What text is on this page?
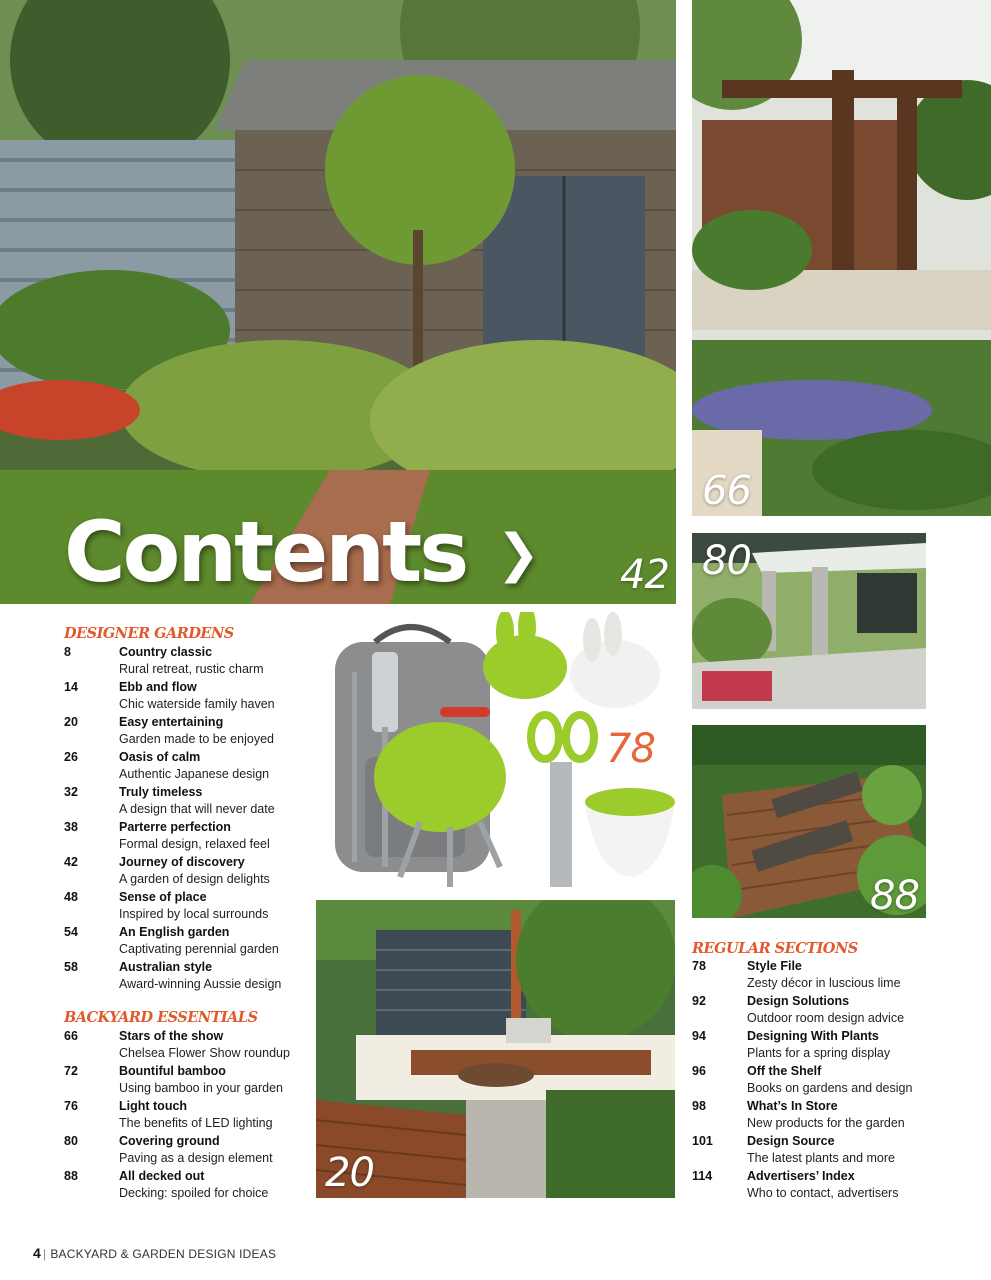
42
Contents ❯
66
80
88
78
20
DESIGNER GARDENS
8	Country classic
Rural retreat, rustic charm
14	Ebb and flow
Chic waterside family haven
20	Easy entertaining
Garden made to be enjoyed
26	Oasis of calm
Authentic Japanese design
32	Truly timeless
A design that will never date
38	Parterre perfection
Formal design, relaxed feel
42	Journey of discovery
A garden of design delights
48	Sense of place
Inspired by local surrounds
54	An English garden
Captivating perennial garden
58	Australian style
Award-winning Aussie design
BACKYARD ESSENTIALS
66	Stars of the show
Chelsea Flower Show roundup
72	Bountiful bamboo
Using bamboo in your garden
76	Light touch
The benefits of LED lighting
80	Covering ground
Paving as a design element
88	All decked out
Decking: spoiled for choice
REGULAR SECTIONS
78	Style File
Zesty décor in luscious lime
92	Design Solutions
Outdoor room design advice
94	Designing With Plants
Plants for a spring display
96	Off the Shelf
Books on gardens and design
98	What’s In Store
New products for the garden
101	Design Source
The latest plants and more
114	Advertisers’ Index
Who to contact, advertisers
4 | BACKYARD & GARDEN DESIGN IDEAS
